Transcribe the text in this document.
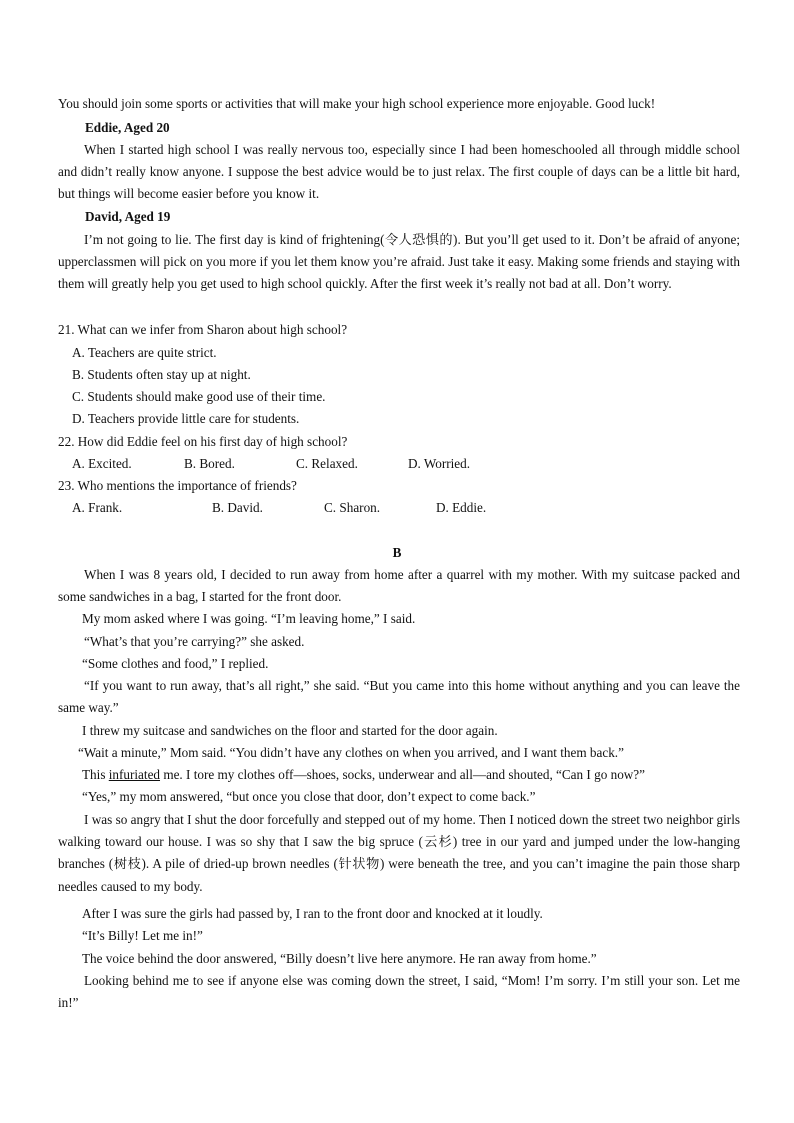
You should join some sports or activities that will make your high school experience more enjoyable. Good luck!

Eddie, Aged 20

When I started high school I was really nervous too, especially since I had been homeschooled all through middle school and didn’t really know anyone. I suppose the best advice would be to just relax. The first couple of days can be a little bit hard, but things will become easier before you know it.

David, Aged 19

I’m not going to lie. The first day is kind of frightening(令人恐惧的). But you’ll get used to it. Don’t be afraid of anyone; upperclassmen will pick on you more if you let them know you’re afraid. Just take it easy. Making some friends and staying with them will greatly help you get used to high school quickly. After the first week it’s really not bad at all. Don’t worry.

21. What can we infer from Sharon about high school?

A. Teachers are quite strict.

B. Students often stay up at night.

C. Students should make good use of their time.

D. Teachers provide little care for students.

22. How did Eddie feel on his first day of high school?

A. Excited.	B. Bored.	C. Relaxed.	D. Worried.

23. Who mentions the importance of friends?

A. Frank.	B. David.	C. Sharon.	D. Eddie.

B

When I was 8 years old, I decided to run away from home after a quarrel with my mother. With my suitcase packed and some sandwiches in a bag, I started for the front door.

My mom asked where I was going. “I’m leaving home,” I said.

“What’s that you’re carrying?” she asked.

“Some clothes and food,” I replied.

“If you want to run away, that’s all right,” she said. “But you came into this home without anything and you can leave the same way.”

I threw my suitcase and sandwiches on the floor and started for the door again.

“Wait a minute,” Mom said. “You didn’t have any clothes on when you arrived, and I want them back.”

This infuriated me. I tore my clothes off—shoes, socks, underwear and all—and shouted, “Can I go now?”

“Yes,” my mom answered, “but once you close that door, don’t expect to come back.”

I was so angry that I shut the door forcefully and stepped out of my home. Then I noticed down the street two neighbor girls walking toward our house. I was so shy that I saw the big spruce (云杉) tree in our yard and jumped under the low-hanging branches (树枝). A pile of dried-up brown needles (针状物) were beneath the tree, and you can’t imagine the pain those sharp needles caused to my body.

After I was sure the girls had passed by, I ran to the front door and knocked at it loudly.

“It’s Billy! Let me in!”

The voice behind the door answered, “Billy doesn’t live here anymore. He ran away from home.”

Looking behind me to see if anyone else was coming down the street, I said, “Mom! I’m sorry. I’m still your son. Let me in!”
